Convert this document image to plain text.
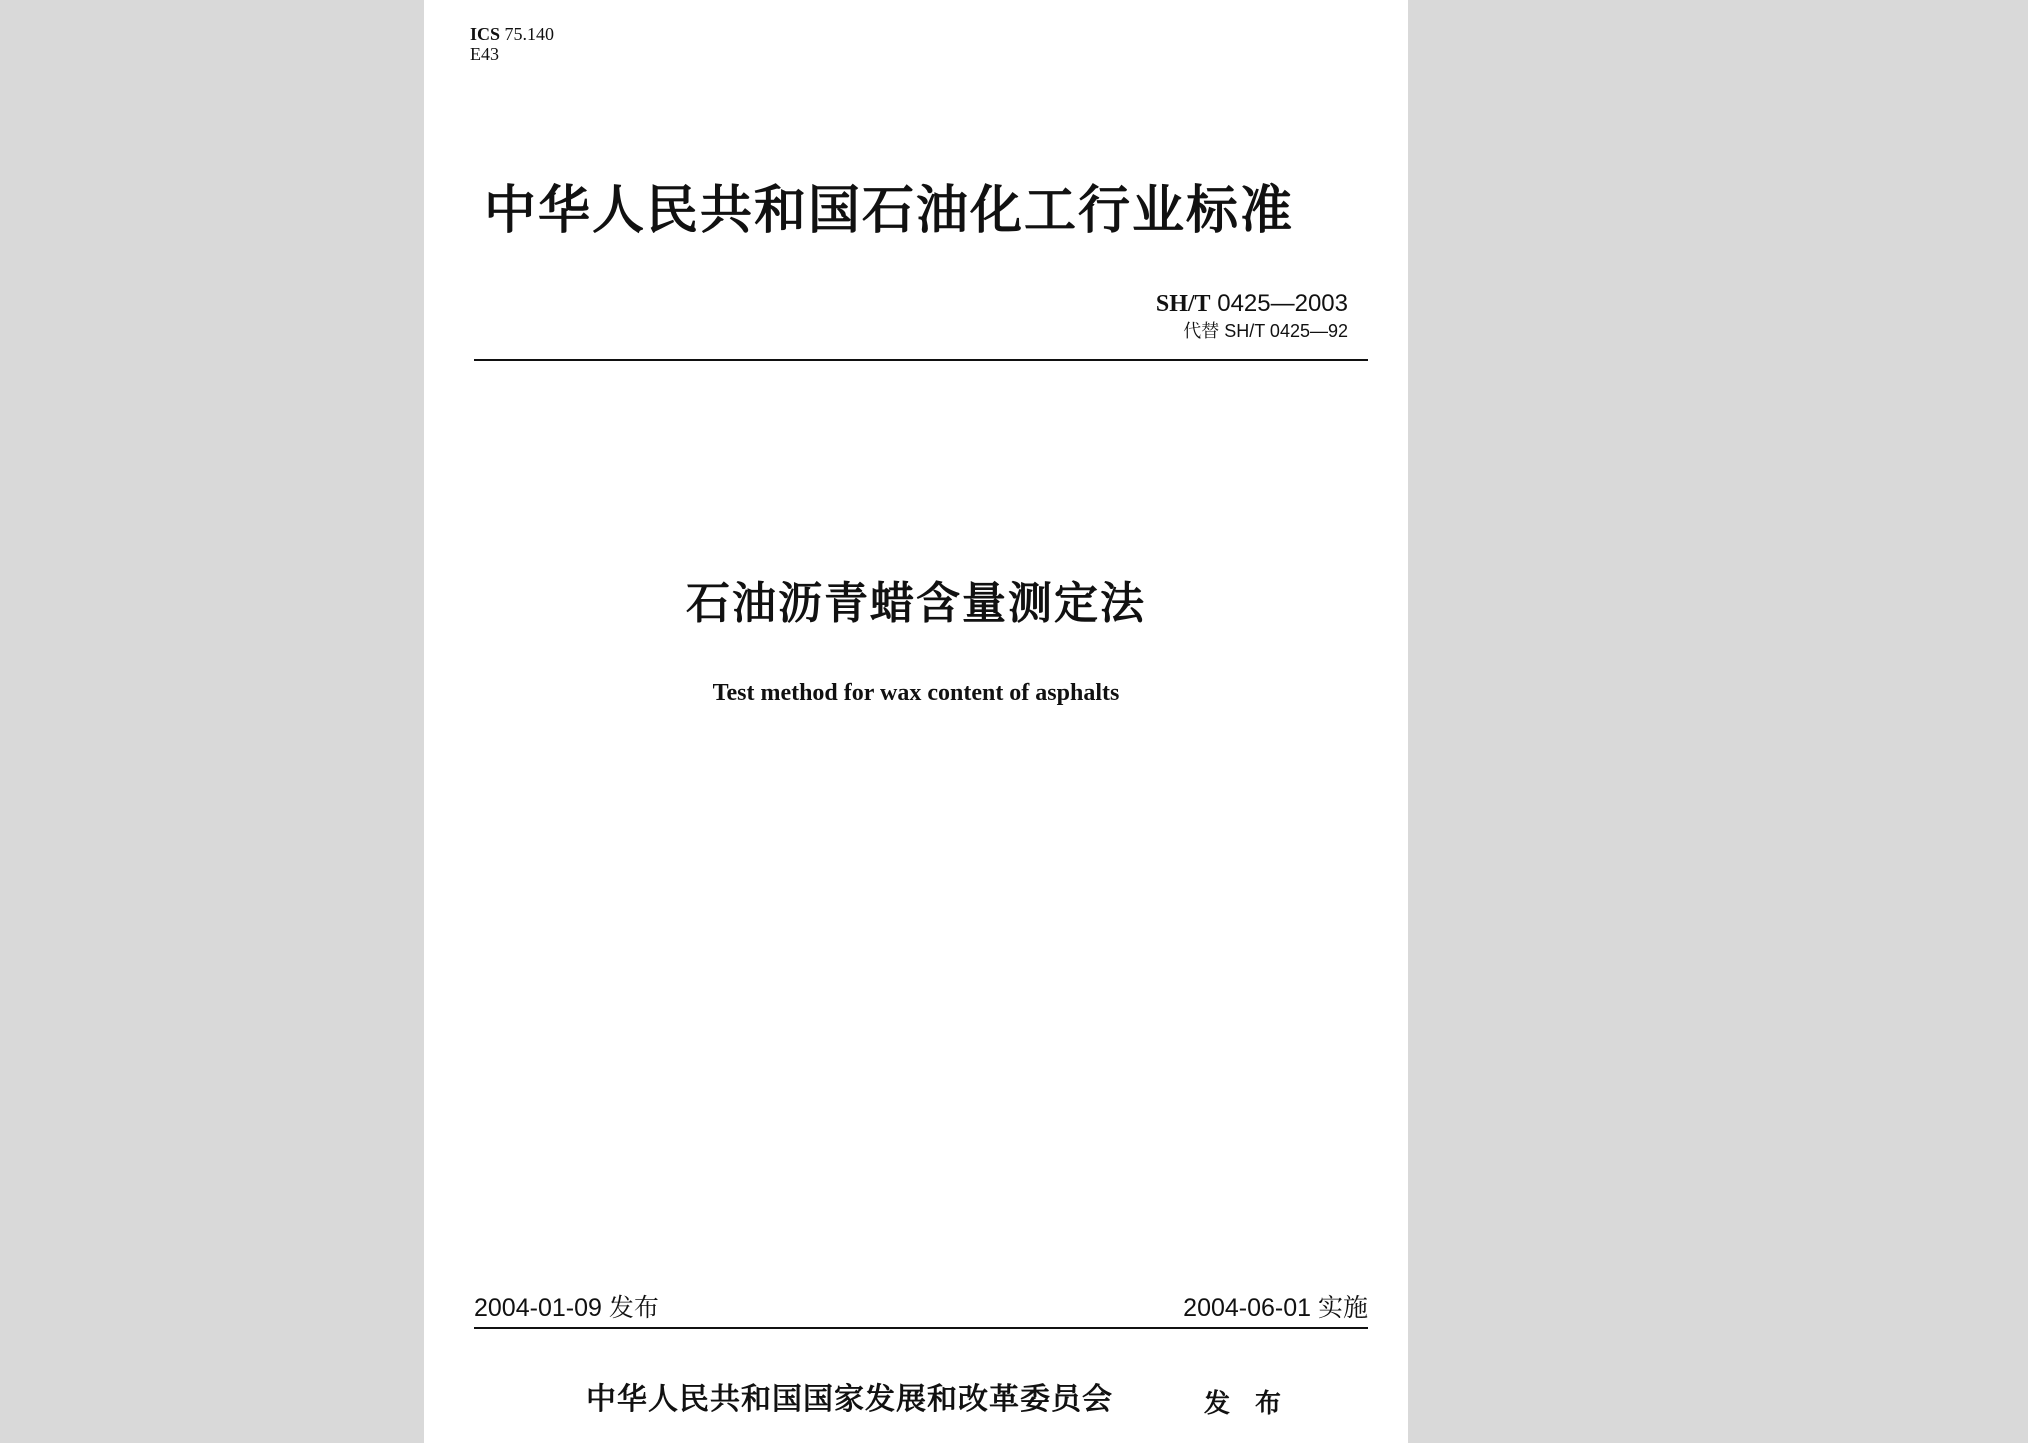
ICS 75.140
E43
中华人民共和国石油化工行业标准
SH/T 0425—2003
代替 SH/T 0425—92
石油沥青蜡含量测定法
Test method for wax content of asphalts
2004-01-09 发布	2004-06-01 实施
中华人民共和国国家发展和改革委员会	发 布
